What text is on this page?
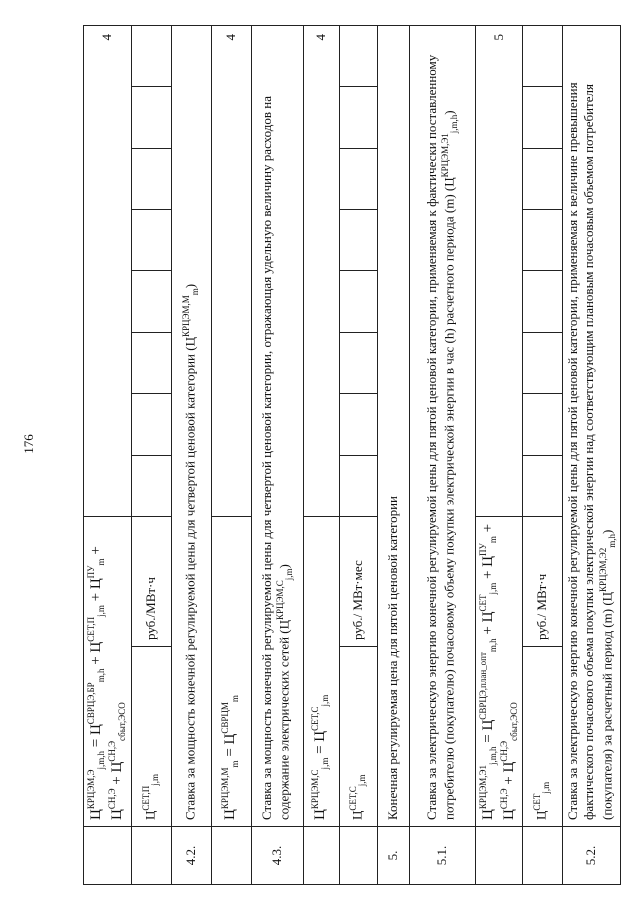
176
	$Ц^{КРЦЭМ,Э}_{j,m,h} = Ц^{СВРЦЭ,БР}_{m,h} + Ц^{СЕТ,П}_{j,m} + Ц^{ПУ}_m + Ц^{СН,Э} + Ц^{СН,Э}_{сбыт,ЭСО}$		4
	$Ц^{СЕТ,П}_{j,m}$	руб./МВт·ч	

4.2.	Ставка за мощность конечной регулируемой цены для четвертой ценовой категории $(Ц^{КРЦЭМ,М}_m)$		
	$Ц^{КРЦЭМ,М}_m = Ц^{СВРЦМ}_m$		4
4.3.	Ставка за мощность конечной регулируемой цены для четвертой ценовой категории, отражающая удельную величину расходов на содержание электрических сетей $(Ц^{КРЦЭМ,С}_{j,m})$		
	$Ц^{КРЦЭМ,С}_{j,m} = Ц^{СЕТ,С}_{j,m}$		4
	$Ц^{СЕТ,С}_{j,m}$	руб./ МВт·мес	

5.	Конечная регулируемая цена для пятой ценовой категории		
5.1.	Ставка за электрическую энергию конечной регулируемой цены для пятой ценовой категории, применяемая к фактически поставленному потребителю (покупателю) почасовому объему покупки электрической энергии в час (h) расчетного периода (m) $(Ц^{КРЦЭМ,Э1}_{j,m,h})$		
	$Ц^{КРЦЭМ,Э1}_{j,m,h} = Ц^{СВРЦЭ,план\_опт}_{m,h} + Ц^{СЕТ}_{j,m} + Ц^{ПУ}_m + Ц^{СН,Э} + Ц^{СН,Э}_{сбыт,ЭСО}$		5
	$Ц^{СЕТ}_{j,m}$	руб./ МВт·ч	

5.2.	Ставка за электрическую энергию конечной регулируемой цены для пятой ценовой категории, применяемая к величине превышения фактического почасового объема покупки электрической энергии над соответствующим плановым почасовым объемом потребителя (покупателя) за расчетный период (m) $(Ц^{КРЦЭМ,Э2}_{m,h})$		
